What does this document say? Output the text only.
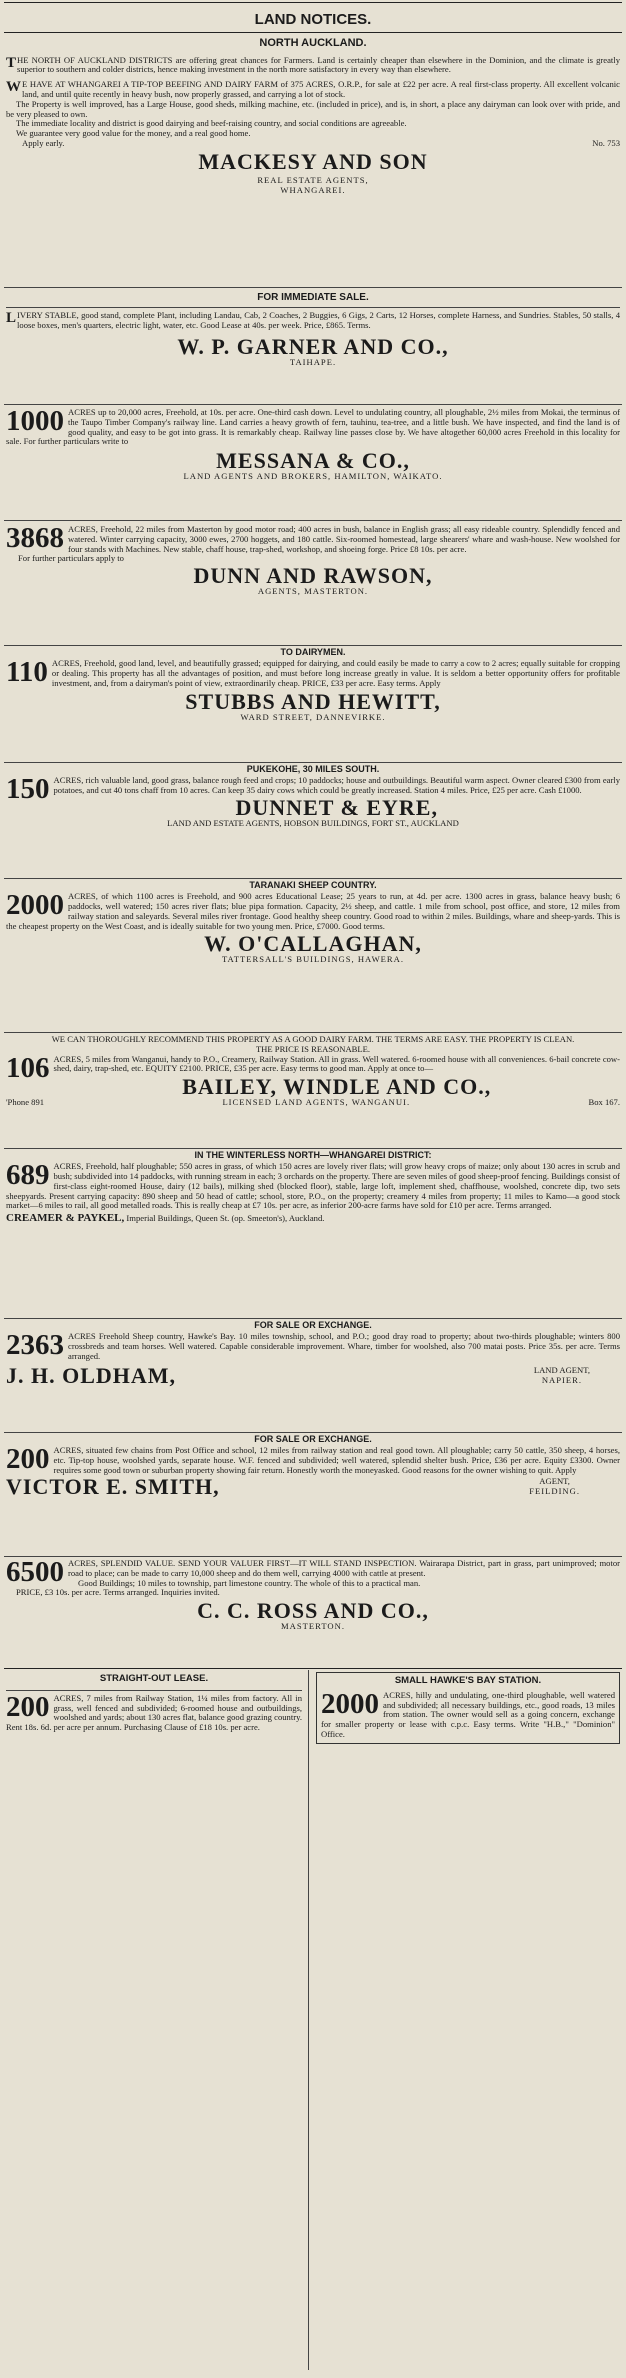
LAND NOTICES.
NORTH AUCKLAND.

THE NORTH OF AUCKLAND DISTRICTS are offering great chances for Farmers. Land is certainly cheaper than elsewhere in the Dominion, and the climate is greatly superior to southern and colder districts, hence making investment in the north more satisfactory in every way than elsewhere.

W E HAVE AT WHANGAREI A TIP-TOP BEEFING AND DAIRY FARM of 375 ACRES, O.R.P., for sale at £22 per acre. A real first-class property. All excellent volcanic land, and until quite recently in heavy bush, now properly grassed, and carrying a lot of stock.

The Property is well improved, has a Large House, good sheds, milking machine, etc. (included in price), and is, in short, a place any dairyman can look over with pride, and be very pleased to own.

The immediate locality and district is good dairying and beef-raising country, and social conditions are agreeable.

We guarantee very good value for the money, and a real good home.

Apply early.	No. 753
MACKESY AND SON
REAL ESTATE AGENTS,
WHANGAREI.
FOR IMMEDIATE SALE.

LIVERY STABLE, good stand, complete Plant, including Landau, Cab, 2 Coaches, 2 Buggies, 6 Gigs, 2 Carts, 12 Horses, complete Harness, and Sundries. Stables, 50 stalls, 4 loose boxes, men's quarters, electric light, water, etc. Good Lease at 40s. per week. Price, £865. Terms.

W. P. GARNER AND CO.,
TAIHAPE.

1000 ACRES up to 20,000 acres, Freehold, at 10s. per acre. One-third cash down. Level to undulating country, all ploughable, 2½ miles from Mokai, the terminus of the Taupo Timber Company's railway line. Land carries a heavy growth of fern, tauhinu, tea-tree, and a little bush. We have inspected, and find the land is of good quality, and easy to be got into grass. It is remarkably cheap. Railway line passes close by. We have altogether 60,000 acres Freehold in this locality for sale. For further particulars write to

MESSANA & CO.,
LAND AGENTS AND BROKERS, HAMILTON, WAIKATO.

3868 ACRES, Freehold, 22 miles from Masterton by good motor road; 400 acres in bush, balance in English grass; all easy rideable country. Splendidly fenced and watered. Winter carrying capacity, 3000 ewes, 2700 hoggets, and 180 cattle. Six-roomed homestead, large shearers' whare and wash-house. New woolshed for four stands with Machines. New stable, chaff house, trap-shed, workshop, and shoeing forge. Price £8 10s. per acre.

For further particulars apply to

DUNN AND RAWSON,
AGENTS, MASTERTON.
TO DAIRYMEN.

110 ACRES, Freehold, good land, level, and beautifully grassed; equipped for dairying, and could easily be made to carry a cow to 2 acres; equally suitable for cropping or dealing. This property has all the advantages of position, and must before long increase greatly in value. It is seldom a better opportunity offers for profitable investment, and, from a dairyman's point of view, extraordinarily cheap. PRICE, £33 per acre. Easy terms. Apply

STUBBS AND HEWITT,
WARD STREET, DANNEVIRKE.
PUKEKOHE, 30 MILES SOUTH.

150 ACRES, rich valuable land, good grass, balance rough feed and crops; 10 paddocks; house and outbuildings. Beautiful warm aspect. Owner cleared £300 from early potatoes, and cut 40 tons chaff from 10 acres. Can keep 35 dairy cows which could be greatly increased. Station 4 miles. Price, £25 per acre. Cash £1000.

DUNNET & EYRE,
LAND AND ESTATE AGENTS, HOBSON BUILDINGS, FORT ST., AUCKLAND
TARANAKI SHEEP COUNTRY.

2000 ACRES, of which 1100 acres is Freehold, and 900 acres Educational Lease; 25 years to run, at 4d. per acre. 1300 acres in grass, balance heavy bush; 6 paddocks, well watered; 150 acres river flats; blue pipa formation. Capacity, 2½ sheep, and cattle. 1 mile from school, post office, and store, 12 miles from railway station and saleyards. Several miles river frontage. Good healthy sheep country. Good road to within 2 miles. Buildings, whare and sheep-yards. This is the cheapest property on the West Coast, and is ideally suitable for two young men. Price, £7000. Good terms.

W. O'CALLAGHAN,
TATTERSALL'S BUILDINGS, HAWERA.

WE CAN THOROUGHLY RECOMMEND THIS PROPERTY AS A GOOD DAIRY FARM. THE TERMS ARE EASY. THE PROPERTY IS CLEAN.

THE PRICE IS REASONABLE.

106 ACRES, 5 miles from Wanganui, handy to P.O., Creamery, Railway Station. All in grass. Well watered. 6-roomed house with all conveniences. 6-bail concrete cow-shed, dairy, trap-shed, etc. EQUITY £2100. PRICE, £35 per acre. Easy terms to good man. Apply at once to—

BAILEY, WINDLE AND CO.,
'Phone 891	LICENSED LAND AGENTS, WANGANUI.	Box 167.
IN THE WINTERLESS NORTH—WHANGAREI DISTRICT:

689 ACRES, Freehold, half ploughable; 550 acres in grass, of which 150 acres are lovely river flats; will grow heavy crops of maize; only about 130 acres in scrub and bush; subdivided into 14 paddocks, with running stream in each; 3 orchards on the property. There are seven miles of good sheep-proof fencing. Buildings consist of first-class eight-roomed House, dairy (12 bails), milking shed (blocked floor), stable, large loft, implement shed, chaffhouse, woolshed, concrete dip, two sets sheepyards. Present carrying capacity: 890 sheep and 50 head of cattle; school, store, P.O., on the property; creamery 4 miles from property; 11 miles to Kamo—a good stock market—6 miles to rail, all good metalled roads. This is really cheap at £7 10s. per acre, as inferior 200-acre farms have sold for £10 per acre. Terms arranged.

CREAMER & PAYKEL, Imperial Buildings, Queen St. (op. Smeeton's), Auckland.

FOR SALE OR EXCHANGE.

2363 ACRES Freehold Sheep country, Hawke's Bay. 10 miles township, school, and P.O.; good dray road to property; about two-thirds ploughable; winters 800 crossbreds and team horses. Well watered. Capable considerable improvement. Whare, timber for woolshed, also 700 matai posts. Price 35s. per acre. Terms arranged.

J. H. OLDHAM,	LAND AGENT,
NAPIER.
FOR SALE OR EXCHANGE.

200 ACRES, situated few chains from Post Office and school, 12 miles from railway station and real good town. All ploughable; carry 50 cattle, 350 sheep, 4 horses, etc. Tip-top house, woolshed yards, separate house. W.F. fenced and subdivided; well watered, splendid shelter bush. Price, £36 per acre. Equity £3300. Owner requires some good town or suburban property showing fair return. Honestly worth the moneyasked. Good reasons for the owner wishing to quit. Apply

VICTOR E. SMITH,	AGENT,
FEILDING.

6500 ACRES, SPLENDID VALUE. SEND YOUR VALUER FIRST—IT WILL STAND INSPECTION. Wairarapa District, part in grass, part unimproved; motor road to place; can be made to carry 10,000 sheep and do them well, carrying 4000 with cattle at present.

Good Buildings; 10 miles to township, part limestone country. The whole of this to a practical man.

PRICE, £3 10s. per acre. Terms arranged. Inquiries invited.

C. C. ROSS AND CO.,
MASTERTON.
STRAIGHT-OUT LEASE.

200 ACRES, 7 miles from Railway Station, 1¼ miles from factory. All in grass, well fenced and subdivided; 6-roomed house and outbuildings, woolshed and yards; about 130 acres flat, balance good grazing country. Rent 18s. 6d. per acre per annum. Purchasing Clause of £18 10s. per acre.

SMALL HAWKE'S BAY STATION.

2000 ACRES, hilly and undulating, one-third ploughable, well watered and subdivided; all necessary buildings, etc., good roads, 13 miles from station. The owner would sell as a going concern, exchange for smaller property or lease with c.p.c. Easy terms. Write "H.B.," "Dominion" Office.
